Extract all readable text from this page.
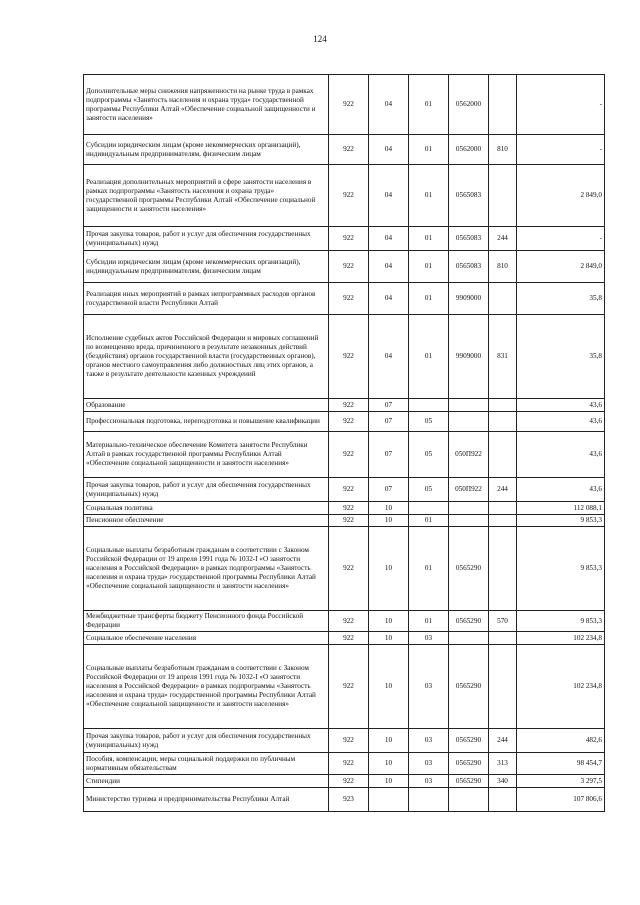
124
Дополнительные меры снижения напряженности на рынке труда в рамках подпрограммы «Занятость населения и охрана труда» государственной программы Республики Алтай «Обеспечение социальной защищенности и занятости населения»	922	04	01	0562000		-
Субсидии юридическим лицам (кроме некоммерческих организаций), индивидуальным предпринимателям, физическим лицам	922	04	01	0562000	810	-
Реализация дополнительных мероприятий в сфере занятости населения в рамках подпрограммы «Занятость населения и охрана труда» государственной программы Республики Алтай «Обеспечение социальной защищенности и занятости населения»	922	04	01	0565083		2 849,0
Прочая закупка товаров, работ и услуг для обеспечения государственных (муниципальных) нужд	922	04	01	0565083	244	-
Субсидии юридическим лицам (кроме некоммерческих организаций), индивидуальным предпринимателям, физическим лицам	922	04	01	0565083	810	2 849,0
Реализация иных мероприятий в рамках непрограммных расходов органов государственной власти Республики Алтай	922	04	01	9909000		35,8
Исполнение судебных актов Российской Федерации и мировых соглашений по возмещению вреда, причиненного в результате незаконных действий (бездействия) органов государственной власти (государственных органов), органов местного самоуправления либо должностных лиц этих органов, а также в результате деятельности казенных учреждений	922	04	01	9909000	831	35,8
Образование	922	07				43,6
Профессиональная подготовка, переподготовка и повышение квалификации	922	07	05			43,6
Материально-техническое обеспечение Комитета занятости Республики Алтай в рамках государственной программы Республики Алтай «Обеспечение социальной защищенности и занятости населения»	922	07	05	050П922		43,6
Прочая закупка товаров, работ и услуг для обеспечения государственных (муниципальных) нужд	922	07	05	050П922	244	43,6
Социальная политика	922	10				112 088,1
Пенсионное обеспечение	922	10	01			9 853,3
Социальные выплаты безработным гражданам в соответствии с Законом Российской Федерации от 19 апреля 1991 года № 1032-I «О занятости населения в Российской Федерации» в рамках подпрограммы «Занятость населения и охрана труда» государственной программы Республики Алтай «Обеспечение социальной защищенности и занятости населения»	922	10	01	0565290		9 853,3
Межбюджетные трансферты бюджету Пенсионного фонда Российской Федерации	922	10	01	0565290	570	9 853,3
Социальное обеспечение населения	922	10	03			102 234,8
Социальные выплаты безработным гражданам в соответствии с Законом Российской Федерации от 19 апреля 1991 года № 1032-I «О занятости населения в Российской Федерации» в рамках подпрограммы «Занятость населения и охрана труда» государственной программы Республики Алтай «Обеспечение социальной защищенности и занятости населения»	922	10	03	0565290		102 234,8
Прочая закупка товаров, работ и услуг для обеспечения государственных (муниципальных) нужд	922	10	03	0565290	244	482,6
Пособия, компенсации, меры социальной поддержки по публичным нормативным обязательствам	922	10	03	0565290	313	98 454,7
Стипендии	922	10	03	0565290	340	3 297,5
Министерство туризма и предпринимательства Республики Алтай	923					107 806,6
